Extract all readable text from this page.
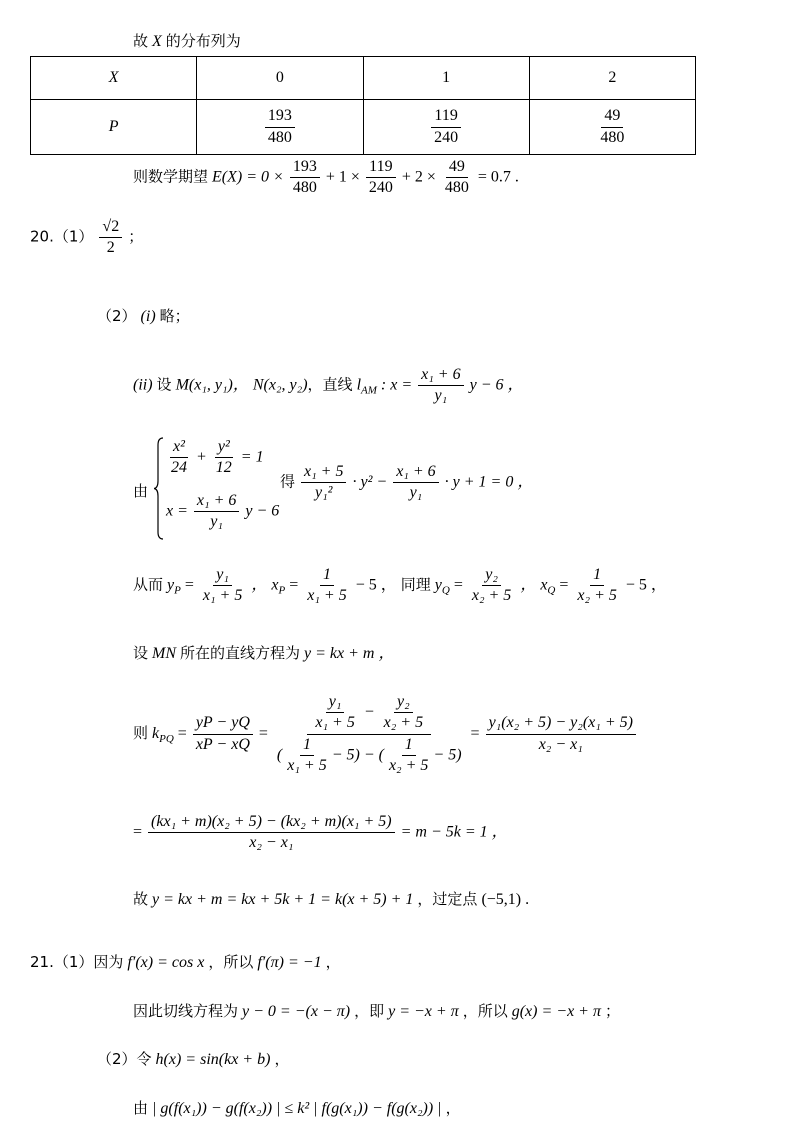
故 X 的分布列为
X	0	1	2
P	$\frac{193}{480}$	$\frac{119}{240}$	$\frac{49}{480}$
则数学期望 $E(X) = 0 \times \frac{193}{480} + 1 \times \frac{119}{240} + 2 \times \frac{49}{480} = 0.7$ .
$20.(1) \frac{√2}{2}$ ；
（2） (i) 略；
(ii) 设 M(x₁, y₁)， N(x₂, y₂)，直线 $l_{AM}$ : $x = \frac{\text{x₁ + 6}}{\text{y₁}}$ y − 6 ，
由
$\frac{\text{x²}}{24} + \frac{\text{y²}}{12} = 1$
$x = \frac{\text{x₁ + 6}}{\text{y₁}}$ y − 6
得 $\frac{\text{x₁ + 5}}{\text{y₁²}} \cdot y^2 - \frac{\text{x₁ + 6}}{\text{y₁}} \cdot y + 1 = 0$ ，
从而 $y_P = \frac{\text{y₁}}{\text{x₁ + 5}}$ ， $x_P = \frac{1}{\text{x₁ + 5}} - 5$ ， 同理 $y_Q = \frac{\text{y₂}}{\text{x₂ + 5}}$ ， $x_Q = \frac{1}{\text{x₂ + 5}} - 5$ ，
设 MN 所在的直线方程为 y = kx + m ，
则 $k_{PQ} = \frac{yP - yQ}{xP - xQ} = \frac{\frac{\text{y₁}}{\text{x₁ + 5}} - \frac{\text{y₂}}{\text{x₂ + 5}}}{( \frac{1}{\text{x₁ + 5}} - 5) - ( \frac{1}{\text{x₂ + 5}} - 5)} = \frac{\text{y₁(x₂ + 5) − y₂(x₁ + 5)}}{\text{x₂ − x₁}}$
= $\frac{\text{(kx₁ + m)(x₂ + 5) − (kx₂ + m)(x₁ + 5)}}{\text{x₂ − x₁}} = m - 5k = 1$ ，
故 y = kx + m = kx + 5k + 1 = k(x + 5) + 1 ，过定点 (−5,1) .
21.（1）因为 f′(x) = cos x ，所以 f′(π) = −1 ，
因此切线方程为 y − 0 = −(x − π) ，即 y = −x + π ，所以 g(x) = −x + π ；
（2）令 h(x) = sin(kx + b) ，
由 | g(f(x₁)) − g(f(x₂)) | ≤ k² | f(g(x₁)) − f(g(x₂)) | ，
